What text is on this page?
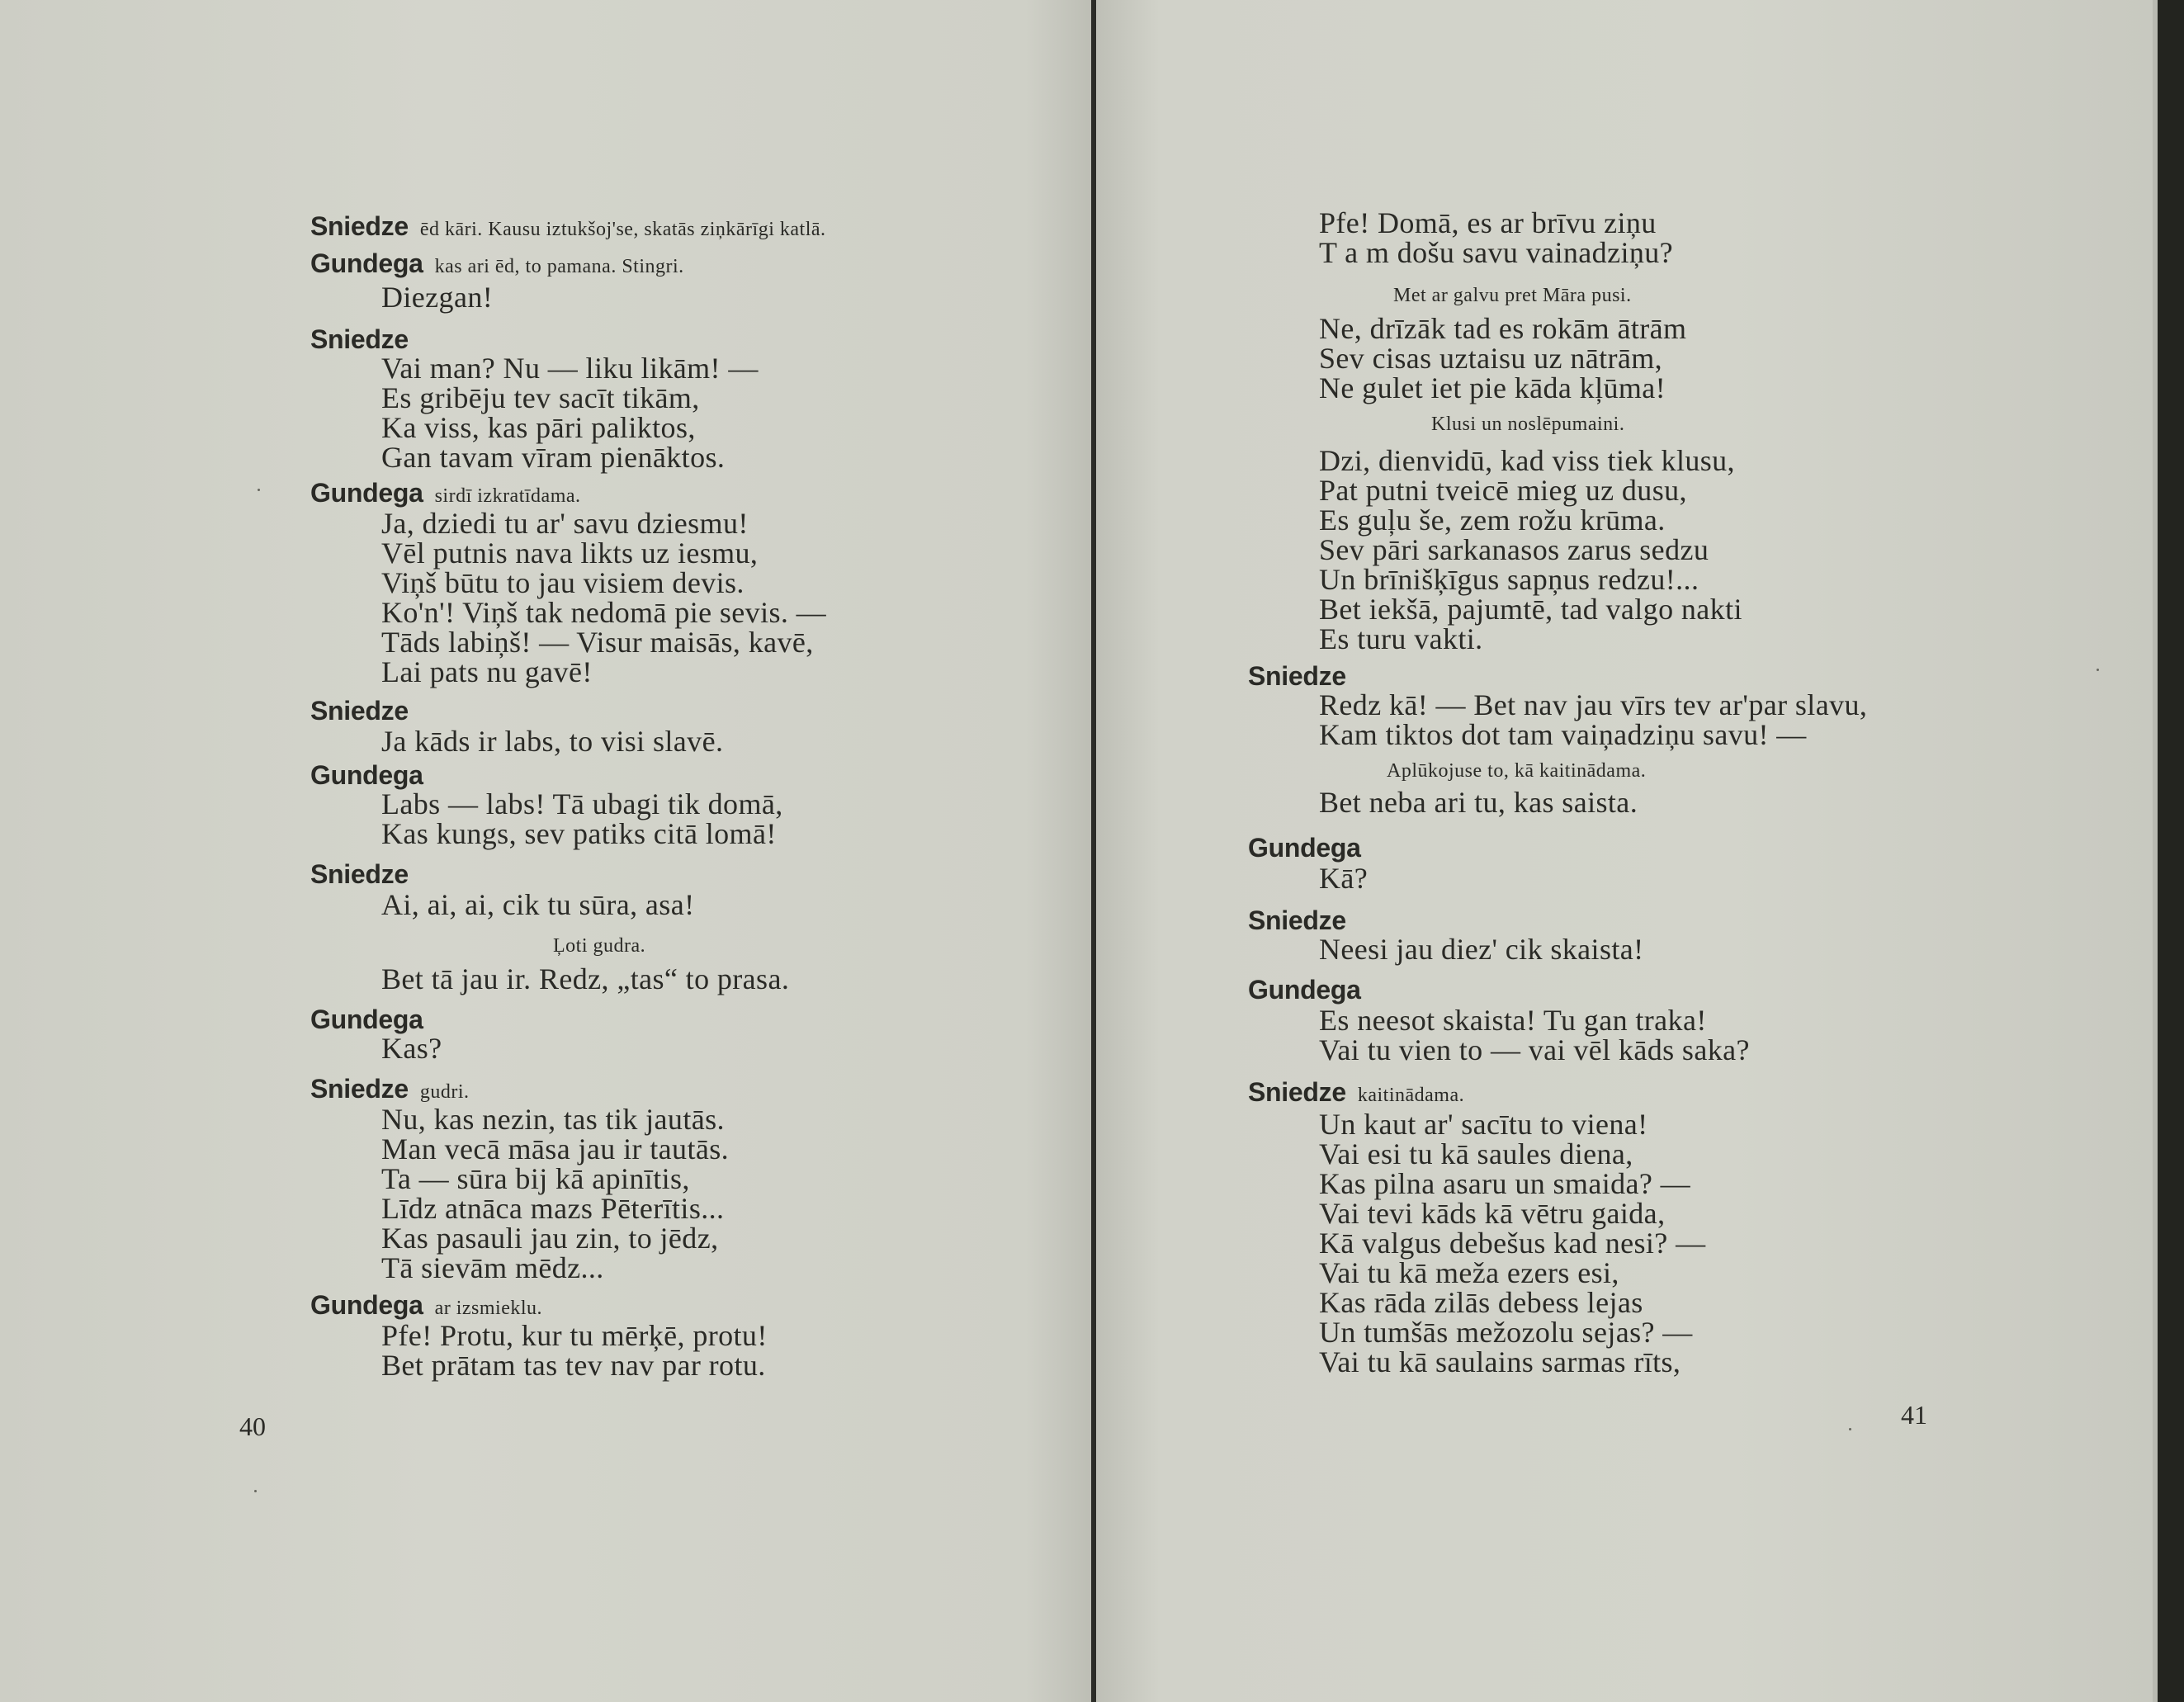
Sniedze ēd kāri. Kausu iztukšoj'se, skatās ziņkārīgi katlā.
Gundega kas ari ēd, to pamana. Stingri.
Diezgan!
Sniedze
Vai man? Nu — liku likām! —
Es gribēju tev sacīt tikām,
Ka viss, kas pāri paliktos,
Gan tavam vīram pienāktos.
Gundega sirdī izkratīdama.
Ja, dziedi tu ar' savu dziesmu!
Vēl putnis nava likts uz iesmu,
Viņš būtu to jau visiem devis.
Ko'n'! Viņš tak nedomā pie sevis. —
Tāds labiņš! — Visur maisās, kavē,
Lai pats nu gavē!
Sniedze
Ja kāds ir labs, to visi slavē.
Gundega
Labs — labs! Tā ubagi tik domā,
Kas kungs, sev patiks citā lomā!
Sniedze
Ai, ai, ai, cik tu sūra, asa!
Ļoti gudra.
Bet tā jau ir. Redz, „tas“ to prasa.
Gundega
Kas?
Sniedze gudri.
Nu, kas nezin, tas tik jautās.
Man vecā māsa jau ir tautās.
Ta — sūra bij kā apinītis,
Līdz atnāca mazs Pēterītis...
Kas pasauli jau zin, to jēdz,
Tā sievām mēdz...
Gundega ar izsmieklu.
Pfe! Protu, kur tu mērķē, protu!
Bet prātam tas tev nav par rotu.
40
Pfe! Domā, es ar brīvu ziņu
T a m došu savu vainadziņu?
Met ar galvu pret Māra pusi.
Ne, drīzāk tad es rokām ātrām
Sev cisas uztaisu uz nātrām,
Ne gulet iet pie kāda kļūma!
Klusi un noslēpumaini.
Dzi, dienvidū, kad viss tiek klusu,
Pat putni tveicē mieg uz dusu,
Es guļu še, zem rožu krūma.
Sev pāri sarkanasos zarus sedzu
Un brīnišķīgus sapņus redzu!...
Bet iekšā, pajumtē, tad valgo nakti
Es turu vakti.
Sniedze
Redz kā! — Bet nav jau vīrs tev ar'par slavu,
Kam tiktos dot tam vaiņadziņu savu! —
Aplūkojuse to, kā kaitinādama.
Bet neba ari tu, kas saista.
Gundega
Kā?
Sniedze
Neesi jau diez' cik skaista!
Gundega
Es neesot skaista! Tu gan traka!
Vai tu vien to — vai vēl kāds saka?
Sniedze kaitinādama.
Un kaut ar' sacītu to viena!
Vai esi tu kā saules diena,
Kas pilna asaru un smaida? —
Vai tevi kāds kā vētru gaida,
Kā valgus debešus kad nesi? —
Vai tu kā meža ezers esi,
Kas rāda zilās debess lejas
Un tumšās mežozolu sejas? —
Vai tu kā saulains sarmas rīts,
41
